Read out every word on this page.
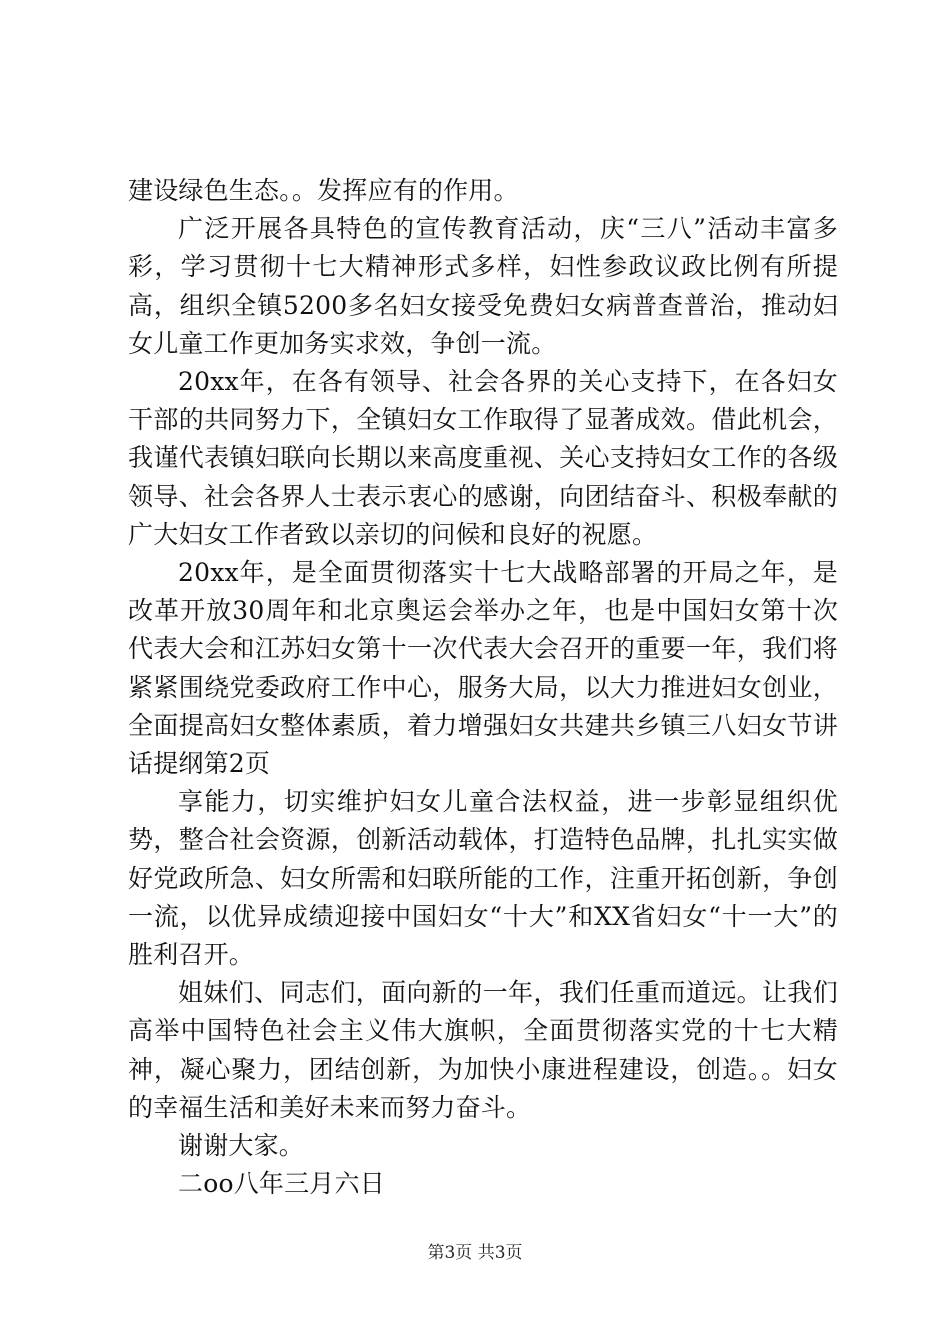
建设绿色生态。。发挥应有的作用。

广泛开展各具特色的宣传教育活动，庆“三八”活动丰富多彩，学习贯彻十七大精神形式多样，妇性参政议政比例有所提高，组织全镇5200多名妇女接受免费妇女病普查普治，推动妇女儿童工作更加务实求效，争创一流。

20xx年，在各有领导、社会各界的关心支持下，在各妇女干部的共同努力下，全镇妇女工作取得了显著成效。借此机会，我谨代表镇妇联向长期以来高度重视、关心支持妇女工作的各级领导、社会各界人士表示衷心的感谢，向团结奋斗、积极奉献的广大妇女工作者致以亲切的问候和良好的祝愿。

20xx年，是全面贯彻落实十七大战略部署的开局之年，是改革开放30周年和北京奥运会举办之年，也是中国妇女第十次代表大会和江苏妇女第十一次代表大会召开的重要一年，我们将紧紧围绕党委政府工作中心，服务大局，以大力推进妇女创业，全面提高妇女整体素质，着力增强妇女共建共乡镇三八妇女节讲话提纲第2页

享能力，切实维护妇女儿童合法权益，进一步彰显组织优势，整合社会资源，创新活动载体，打造特色品牌，扎扎实实做好党政所急、妇女所需和妇联所能的工作，注重开拓创新，争创一流，以优异成绩迎接中国妇女“十大”和XX省妇女“十一大”的胜利召开。

姐妹们、同志们，面向新的一年，我们任重而道远。让我们高举中国特色社会主义伟大旗帜，全面贯彻落实党的十七大精神，凝心聚力，团结创新，为加快小康进程建设，创造。。妇女的幸福生活和美好未来而努力奋斗。

谢谢大家。

二oo八年三月六日

第3页 共3页
